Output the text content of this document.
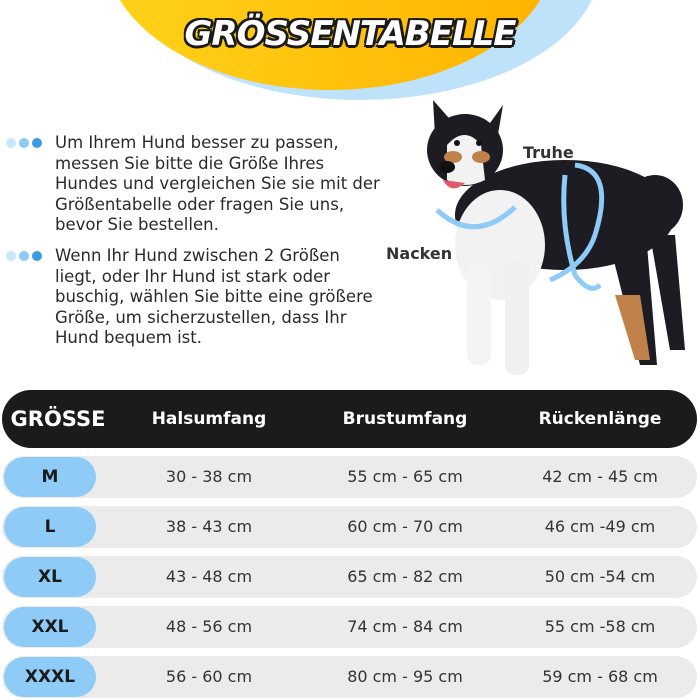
GRÖSSENTABELLE
Um Ihrem Hund besser zu passen, messen Sie bitte die Größe Ihres Hundes und vergleichen Sie sie mit der Größentabelle oder fragen Sie uns, bevor Sie bestellen.
Wenn Ihr Hund zwischen 2 Größen liegt, oder Ihr Hund ist stark oder buschig, wählen Sie bitte eine größere Größe, um sicherzustellen, dass Ihr Hund bequem ist.
Truhe
Nacken
GRÖSSE	Halsumfang	Brustumfang	Rückenlänge
M	30 - 38 cm	55 cm - 65 cm	42 cm - 45 cm
L	38 - 43 cm	60 cm - 70 cm	46 cm -49 cm
XL	43 - 48 cm	65 cm - 82 cm	50 cm -54 cm
XXL	48 - 56 cm	74 cm - 84 cm	55 cm -58 cm
XXXL	56 - 60 cm	80 cm - 95 cm	59 cm - 68 cm
